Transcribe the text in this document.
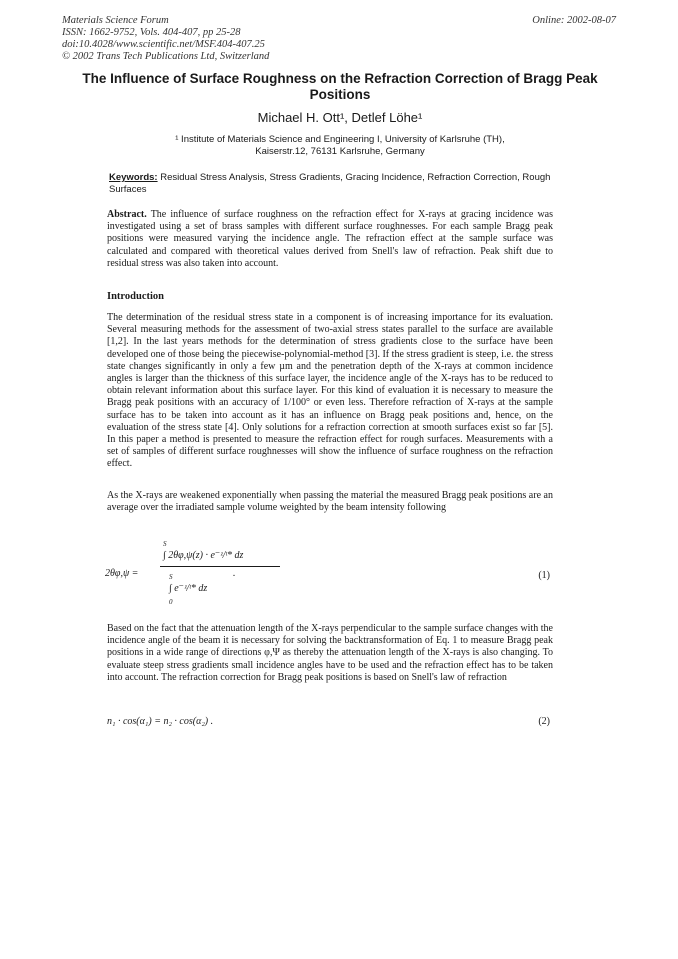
Materials Science Forum
ISSN: 1662-9752, Vols. 404-407, pp 25-28
doi:10.4028/www.scientific.net/MSF.404-407.25
© 2002 Trans Tech Publications Ltd, Switzerland
Online: 2002-08-07
The Influence of Surface Roughness on the Refraction Correction of Bragg Peak Positions
Michael H. Ott¹, Detlef Löhe¹
¹ Institute of Materials Science and Engineering I, University of Karlsruhe (TH),
Kaiserstr.12, 76131 Karlsruhe, Germany
Keywords: Residual Stress Analysis, Stress Gradients, Gracing Incidence, Refraction Correction, Rough Surfaces
Abstract. The influence of surface roughness on the refraction effect for X-rays at gracing incidence was investigated using a set of brass samples with different surface roughnesses. For each sample Bragg peak positions were measured varying the incidence angle. The refraction effect at the sample surface was calculated and compared with theoretical values derived from Snell's law of refraction. Peak shift due to residual stress was also taken into account.
Introduction
The determination of the residual stress state in a component is of increasing importance for its evaluation. Several measuring methods for the assessment of two-axial stress states parallel to the surface are available [1,2]. In the last years methods for the determination of stress gradients close to the surface have been developed one of those being the piecewise-polynomial-method [3]. If the stress gradient is steep, i.e. the stress state changes significantly in only a few µm and the penetration depth of the X-rays at common incidence angles is larger than the thickness of this surface layer, the incidence angle of the X-rays has to be reduced to obtain relevant information about this surface layer. For this kind of evaluation it is necessary to measure the Bragg peak positions with an accuracy of 1/100° or even less. Therefore refraction of X-rays at the sample surface has to be taken into account as it has an influence on Bragg peak positions and, hence, on the evaluation of the stress state [4]. Only solutions for a refraction correction at smooth surfaces exist so far [5]. In this paper a method is presented to measure the refraction effect for rough surfaces. Measurements with a set of samples of different surface roughnesses will show the influence of surface roughness on the refraction effect.
As the X-rays are weakened exponentially when passing the material the measured Bragg peak positions are an average over the irradiated sample volume weighted by the beam intensity following
2θφ,ψ =
S
∫ 2θφ,ψ(z) · e⁻ᶻ/ᵗ* dz
S
∫ e⁻ᶻ/ᵗ* dz
0
.	(1)
Based on the fact that the attenuation length of the X-rays perpendicular to the sample surface changes with the incidence angle of the beam it is necessary for solving the backtransformation of Eq. 1 to measure Bragg peak positions in a wide range of directions φ,Ψ as thereby the attenuation length of the X-rays is also changing. To evaluate steep stress gradients small incidence angles have to be used and the refraction effect has to be taken into account. The refraction correction for Bragg peak positions is based on Snell's law of refraction
n₁ · cos(α₁) = n₂ · cos(α₂) .	(2)
